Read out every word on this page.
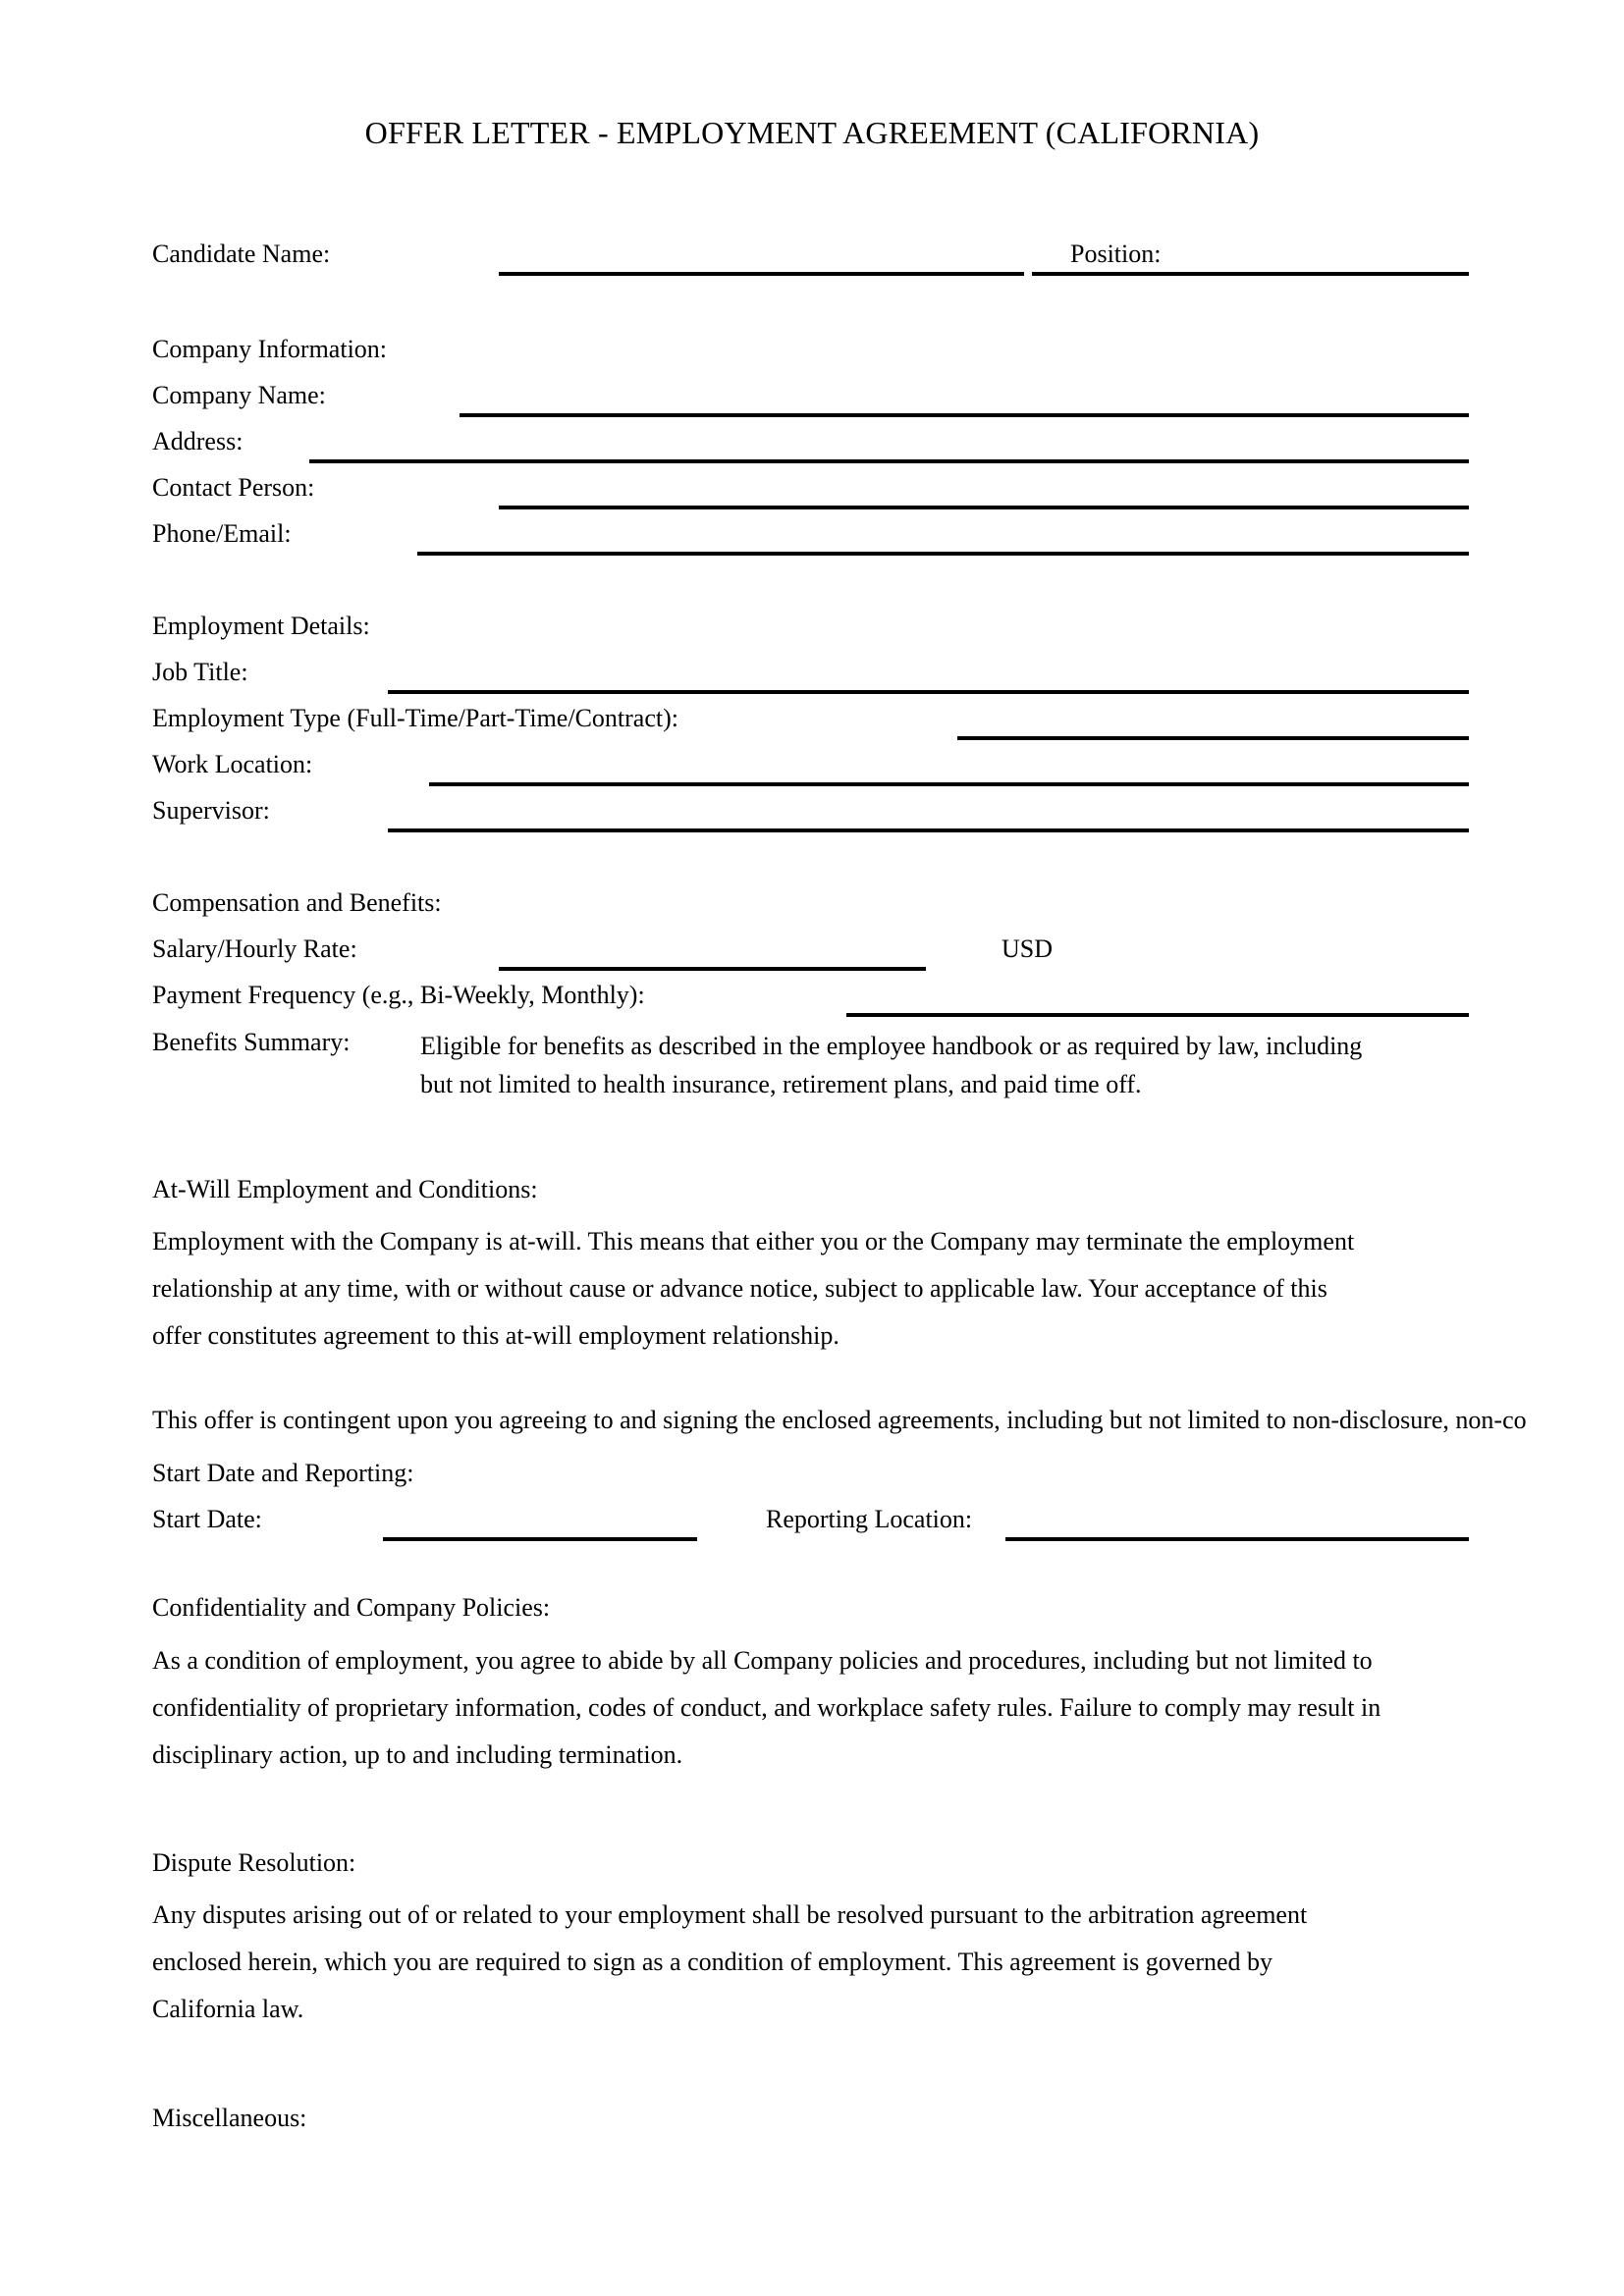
OFFER LETTER - EMPLOYMENT AGREEMENT (CALIFORNIA)
Candidate Name:	Position:
Company Information:
Company Name:
Address:
Contact Person:
Phone/Email:
Employment Details:
Job Title:
Employment Type (Full-Time/Part-Time/Contract):
Work Location:
Supervisor:
Compensation and Benefits:
Salary/Hourly Rate:	USD
Payment Frequency (e.g., Bi-Weekly, Monthly):
Benefits Summary:	Eligible for benefits as described in the employee handbook or as required by law, including
but not limited to health insurance, retirement plans, and paid time off.
At-Will Employment and Conditions:
Employment with the Company is at-will. This means that either you or the Company may terminate the employment
relationship at any time, with or without cause or advance notice, subject to applicable law. Your acceptance of this
offer constitutes agreement to this at-will employment relationship.
This offer is contingent upon you agreeing to and signing the enclosed agreements, including but not limited to non-disclosure, non-co
Start Date and Reporting:
Start Date:	Reporting Location:
Confidentiality and Company Policies:
As a condition of employment, you agree to abide by all Company policies and procedures, including but not limited to
confidentiality of proprietary information, codes of conduct, and workplace safety rules. Failure to comply may result in
disciplinary action, up to and including termination.
Dispute Resolution:
Any disputes arising out of or related to your employment shall be resolved pursuant to the arbitration agreement
enclosed herein, which you are required to sign as a condition of employment. This agreement is governed by
California law.
Miscellaneous:
